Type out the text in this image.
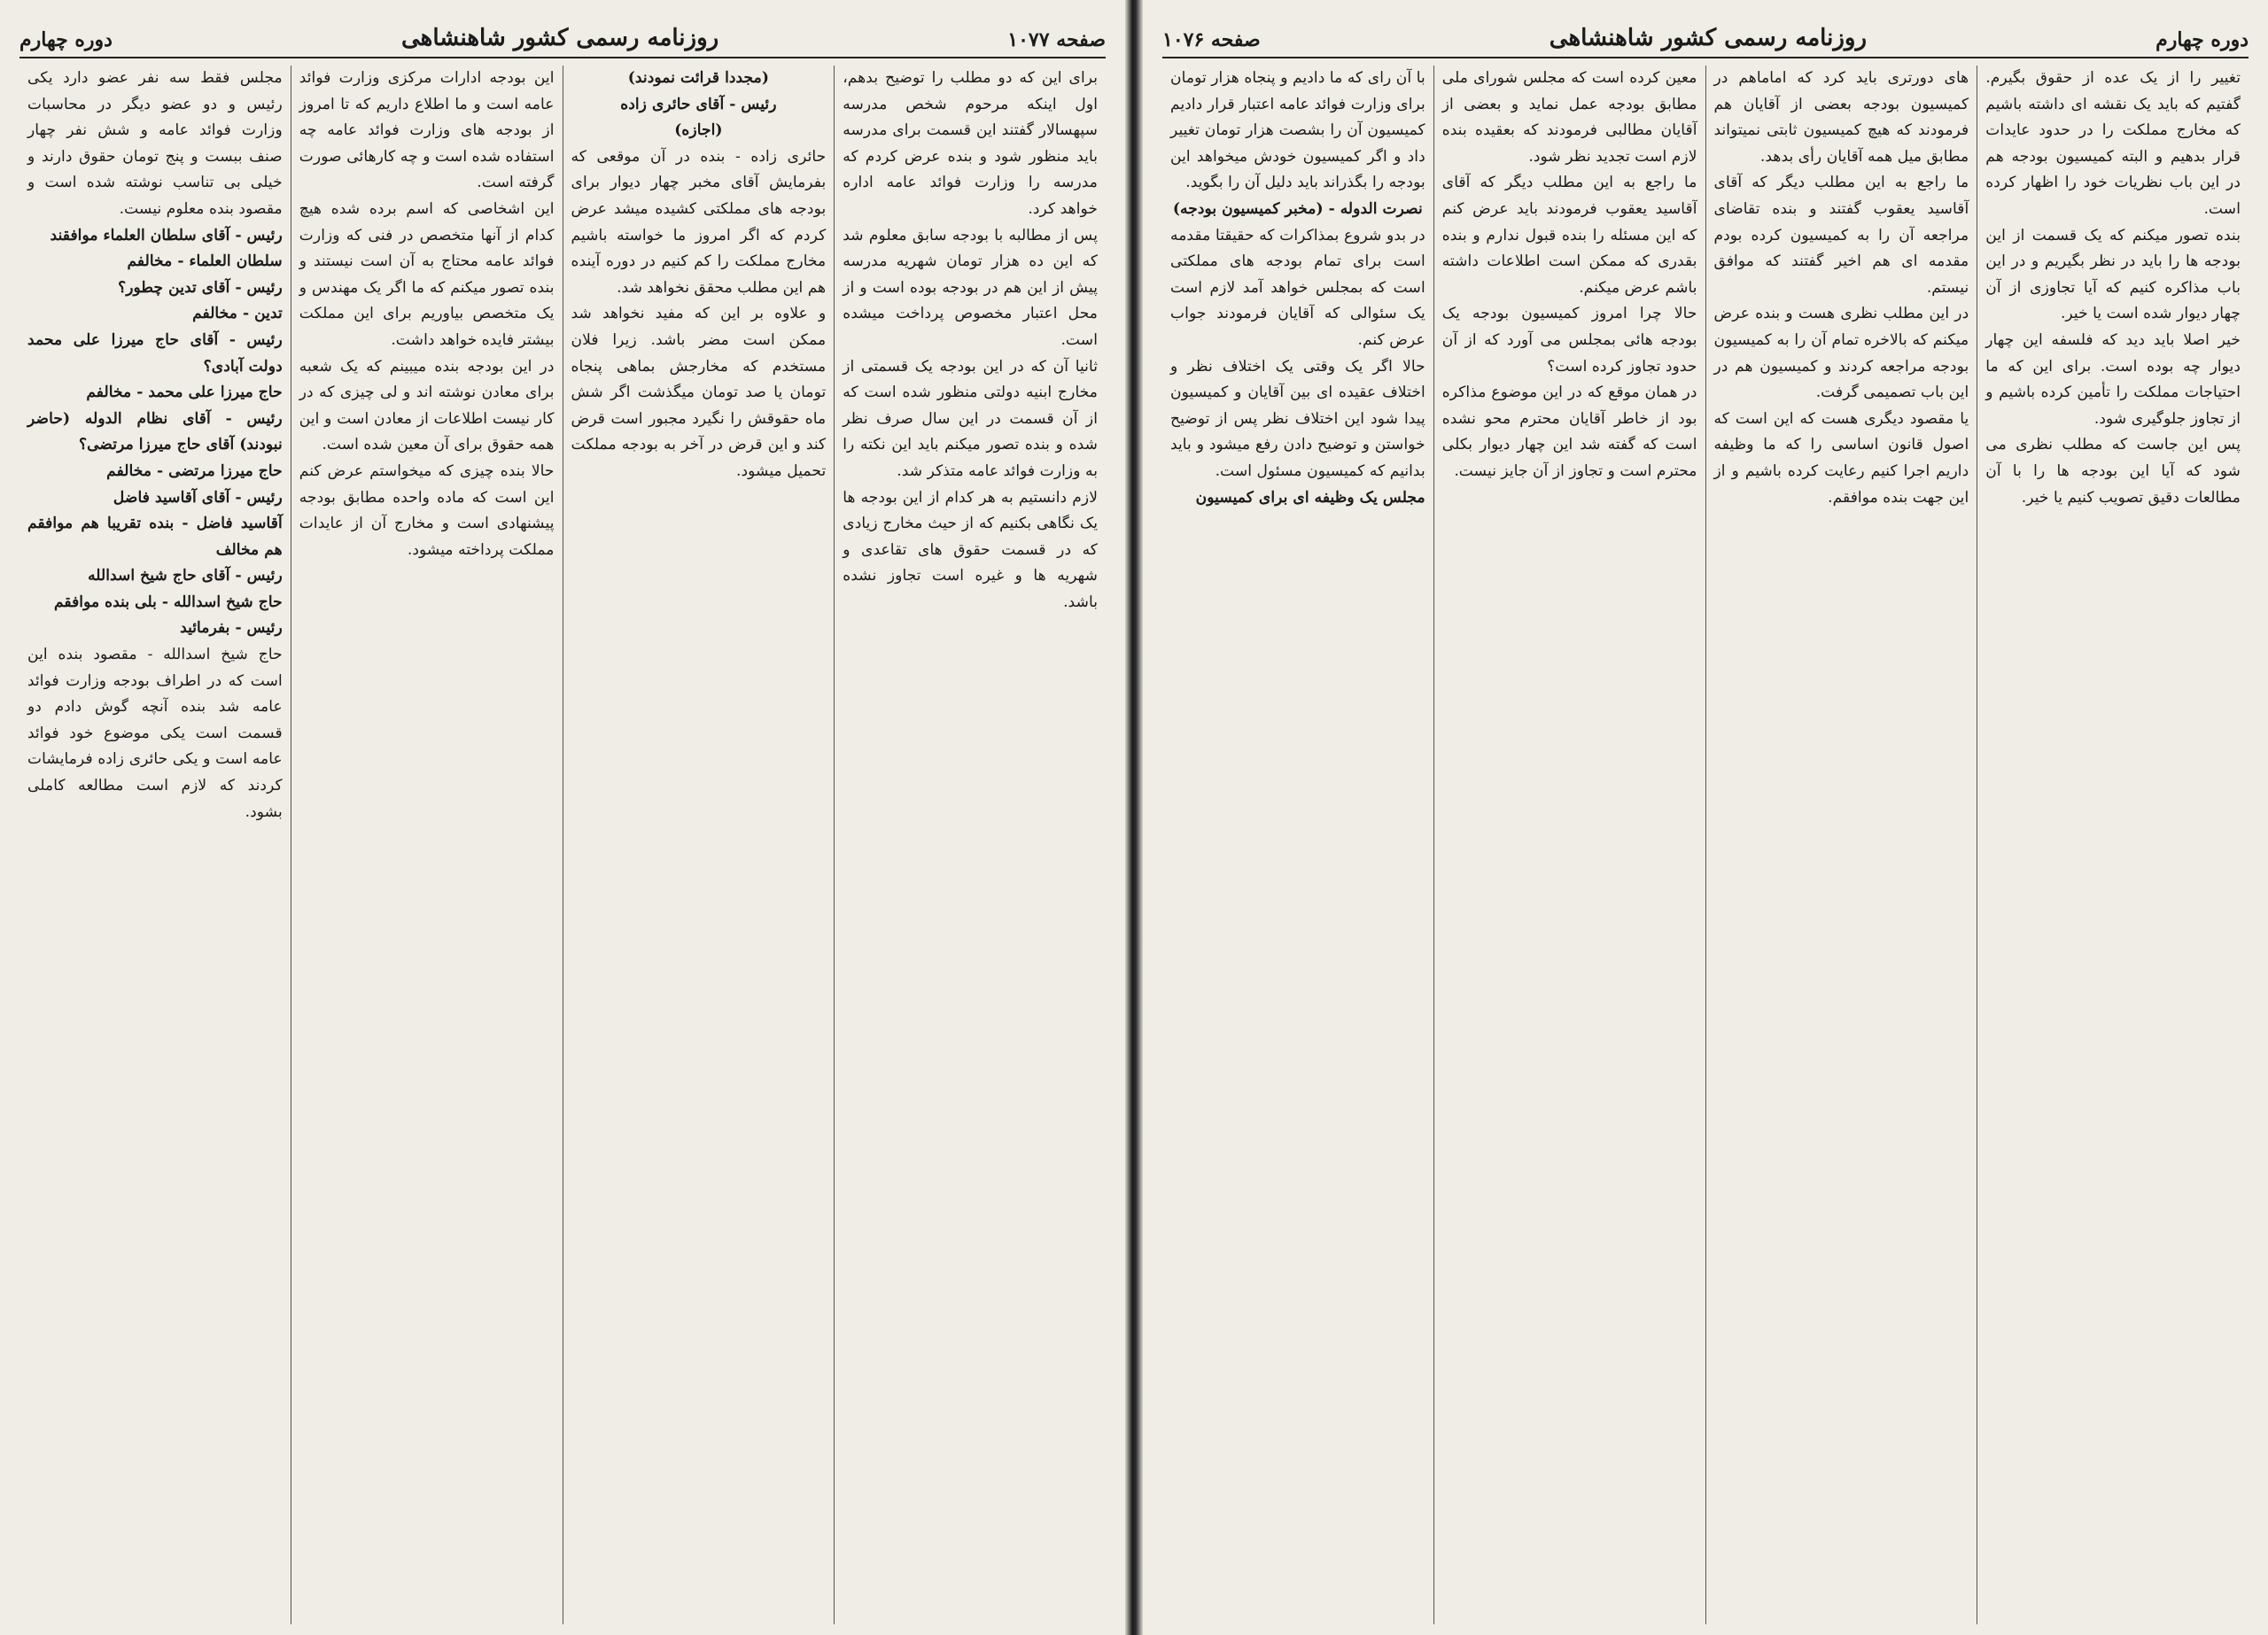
صفحه ۱۰۷۷
روزنامه رسمی کشور شاهنشاهی
دوره چهارم

برای این که دو مطلب را توضیح بدهم، اول اینکه مرحوم شخص مدرسه سپهسالار گفتند این قسمت برای مدرسه باید منظور شود و بنده عرض کردم که مدرسه را وزارت فوائد عامه اداره خواهد کرد.

پس از مطالبه با بودجه سابق معلوم شد که این ده هزار تومان شهریه مدرسه پیش از این هم در بودجه بوده است و از محل اعتبار مخصوص پرداخت میشده است.

ثانیا آن که در این بودجه یک قسمتی از مخارج ابنیه دولتی منظور شده است که از آن قسمت در این سال صرف نظر شده و بنده تصور میکنم باید این نکته را به وزارت فوائد عامه متذکر شد.

لازم دانستیم به هر کدام از این بودجه ها یک نگاهی بکنیم که از حیث مخارج زیادی که در قسمت حقوق های تقاعدی و شهریه ها و غیره است تجاوز نشده باشد.

(مجددا قرائت نمودند)

رئیس - آقای حائری زاده

(اجازه)

حائری زاده - بنده در آن موقعی که بفرمایش آقای مخبر چهار دیوار برای بودجه های مملکتی کشیده میشد عرض کردم که اگر امروز ما خواسته باشیم مخارج مملکت را کم کنیم در دوره آینده هم این مطلب محقق نخواهد شد.

و علاوه بر این که مفید نخواهد شد ممکن است مضر باشد. زیرا فلان مستخدم که مخارجش بماهی پنجاه تومان یا صد تومان میگذشت اگر شش ماه حقوقش را نگیرد مجبور است قرض کند و این قرض در آخر به بودجه مملکت تحمیل میشود.

این بودجه ادارات مرکزی وزارت فوائد عامه است و ما اطلاع داریم که تا امروز از بودجه های وزارت فوائد عامه چه استفاده شده است و چه کارهائی صورت گرفته است.

این اشخاصی که اسم برده شده هیچ کدام از آنها متخصص در فنی که وزارت فوائد عامه محتاج به آن است نیستند و بنده تصور میکنم که ما اگر یک مهندس و یک متخصص بیاوریم برای این مملکت بیشتر فایده خواهد داشت.

در این بودجه بنده میبینم که یک شعبه برای معادن نوشته اند و لی چیزی که در کار نیست اطلاعات از معادن است و این همه حقوق برای آن معین شده است.

حالا بنده چیزی که میخواستم عرض کنم این است که ماده واحده مطابق بودجه پیشنهادی است و مخارج آن از عایدات مملکت پرداخته میشود.

مجلس فقط سه نفر عضو دارد یکی رئیس و دو عضو دیگر در محاسبات وزارت فوائد عامه و شش نفر چهار صنف ببست و پنج تومان حقوق دارند و خیلی بی تناسب نوشته شده است و مقصود بنده معلوم نیست.

رئیس - آقای سلطان العلماء موافقند

سلطان العلماء - مخالفم

رئیس - آقای تدین چطور؟

تدین - مخالفم

رئیس - آقای حاج میرزا علی محمد دولت آبادی؟

حاج میرزا علی محمد - مخالفم

رئیس - آقای نظام الدوله (حاضر نبودند) آقای حاج میرزا مرتضی؟

حاج میرزا مرتضی - مخالفم

رئیس - آقای آقاسید فاضل

آقاسید فاضل - بنده تقریبا هم موافقم هم مخالف

رئیس - آقای حاج شیخ اسدالله

حاج شیخ اسدالله - بلی بنده موافقم

رئیس - بفرمائید

حاج شیخ اسدالله - مقصود بنده این است که در اطراف بودجه وزارت فوائد عامه شد بنده آنچه گوش دادم دو قسمت است یکی موضوع خود فوائد عامه است و یکی حائری زاده فرمایشات کردند که لازم است مطالعه کاملی بشود.

دوره چهارم
روزنامه رسمی کشور شاهنشاهی
صفحه ۱۰۷۶

تغییر را از یک عده از حقوق بگیرم. گفتیم که باید یک نقشه ای داشته باشیم که مخارج مملکت را در حدود عایدات قرار بدهیم و البته کمیسیون بودجه هم در این باب نظریات خود را اظهار کرده است.

بنده تصور میکنم که یک قسمت از این بودجه ها را باید در نظر بگیریم و در این باب مذاکره کنیم که آیا تجاوزی از آن چهار دیوار شده است یا خیر.

خیر اصلا باید دید که فلسفه این چهار دیوار چه بوده است. برای این که ما احتیاجات مملکت را تأمین کرده باشیم و از تجاوز جلوگیری شود.

پس این جاست که مطلب نظری می شود که آیا این بودجه ها را با آن مطالعات دقیق تصویب کنیم یا خیر.

های دورتری باید کرد که اماماهم در کمیسیون بودجه بعضی از آقایان هم فرمودند که هیچ کمیسیون ثابتی نمیتواند مطابق میل همه آقایان رأی بدهد.

ما راجع به این مطلب دیگر که آقای آقاسید یعقوب گفتند و بنده تقاضای مراجعه آن را به کمیسیون کرده بودم مقدمه ای هم اخیر گفتند که موافق نیستم.

در این مطلب نظری هست و بنده عرض میکنم که بالاخره تمام آن را به کمیسیون بودجه مراجعه کردند و کمیسیون هم در این باب تصمیمی گرفت.

یا مقصود دیگری هست که این است که اصول قانون اساسی را که ما وظیفه داریم اجرا کنیم رعایت کرده باشیم و از این جهت بنده موافقم.

معین کرده است که مجلس شورای ملی مطابق بودجه عمل نماید و بعضی از آقایان مطالبی فرمودند که بعقیده بنده لازم است تجدید نظر شود.

ما راجع به این مطلب دیگر که آقای آقاسید یعقوب فرمودند باید عرض کنم که این مسئله را بنده قبول ندارم و بنده بقدری که ممکن است اطلاعات داشته باشم عرض میکنم.

حالا چرا امروز کمیسیون بودجه یک بودجه هائی بمجلس می آورد که از آن حدود تجاوز کرده است؟

در همان موقع که در این موضوع مذاکره بود از خاطر آقایان محترم محو نشده است که گفته شد این چهار دیوار بکلی محترم است و تجاوز از آن جایز نیست.

با آن رای که ما دادیم و پنجاه هزار تومان برای وزارت فوائد عامه اعتبار قرار دادیم کمیسیون آن را بشصت هزار تومان تغییر داد و اگر کمیسیون خودش میخواهد این بودجه را بگذراند باید دلیل آن را بگوید.

نصرت الدوله - (مخبر کمیسیون بودجه)

در بدو شروع بمذاکرات که حقیقتا مقدمه است برای تمام بودجه های مملکتی است که بمجلس خواهد آمد لازم است یک سئوالی که آقایان فرمودند جواب عرض کنم.

حالا اگر یک وقتی یک اختلاف نظر و اختلاف عقیده ای بین آقایان و کمیسیون پیدا شود این اختلاف نظر پس از توضیح خواستن و توضیح دادن رفع میشود و باید بدانیم که کمیسیون مسئول است.

مجلس یک وظیفه ای برای کمیسیون
